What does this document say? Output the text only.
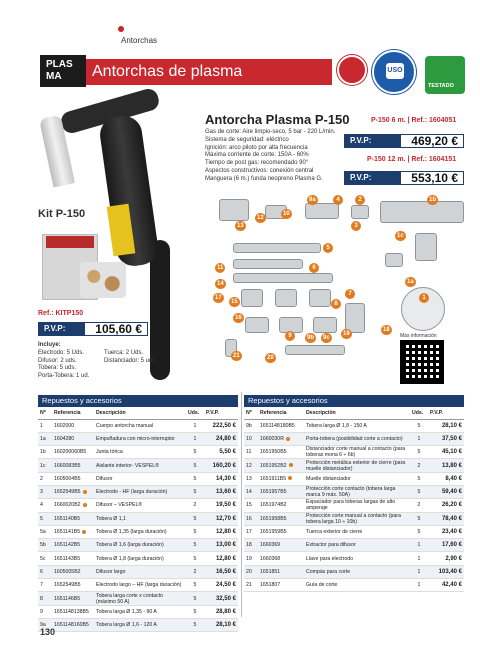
Antorchas
PLAS
MA	Antorchas de plasma	USO
TESTADO
Antorcha Plasma P-150
Gas de corte: Aire limpio-seco, 5 bar - 220 L/min.
Sistema de seguridad: eléctrico
Ignición: arco piloto por alta frecuencia
Máxima corriente de corte: 150A - 60%
Tiempo de post gas: recomendado 90°
Aspectos constructivos: conexión central
Manguera (6 m.) funda neopreno Plasma G.
P-150 6 m. | Ref.: 1604051
P.V.P:	469,20 €
P-150 12 m. | Ref.: 1604151
P.V.P:	553,10 €
Kit P-150
Ref.: KITP150
P.V.P:	105,60 €
Incluye:
Electrodo: 5 Uds.
Difusor: 2 uds.
Tobera: 5 uds.
Porta-Tobera: 1 ud.
Tuerca: 2 Uds.
Distanciador: 5 uds.
9a	4	2	1b
10
13
12
3
1c
5
11	6
14
7
15
1a
16
8
17	1
18
9	9b	9c
19
21	20
Más información
Repuestos y accesorios
Nº	Referencia	Descripción	Uds.	P.V.P.
1	1602000	Cuerpo antorcha manual	1	222,50 €
1a	1604280	Empuñadura con micro-interruptor	1	24,80 €
1b	160200060B5	Junta tórica	5	5,50 €
1c	1660083B5	Aislante interior- VESPEL®	5	160,20 €
2	1605004B5	Difusor	5	14,30 €
3	1652549B5	Electrodo - HF (larga duración)	5	13,60 €
4	1660020B2	Difusor – VESPEL®	2	19,50 €
5	1651140B5	Tobera Ø 1,1	5	12,70 €
5a	1651141B5	Tobera Ø 1,35 (larga duración)	5	12,80 €
5b	1651142B5	Tobera Ø 1,6 (larga duración)	5	13,00 €
5c	1651143B5	Tobera Ø 1,8 (larga duración)	5	12,80 €
6	1605005B2	Difusor largo	2	16,50 €
7	1652549B5	Electrodo largo – HF (larga duración)	5	24,50 €
8	1651146B5	Tobera larga corte x contacto (máximo 50 A)	5	32,50 €
9	1651148138B5	Tobera larga Ø 1,35 - 90 A	5	28,80 €
9a	1651148160B5	Tobera larga Ø 1,6 - 120 A	5	28,10 €
Repuestos y accesorios
Nº	Referencia	Descripción	Uds.	P.V.P.
9b	1651148180B5	Tobera larga Ø 1,8 - 150 A	5	28,10 €
10	1660030R	Porta-tobera (posibilidad corte a contacto)	1	37,50 €
11	1651950B5	Distanciador corte manual a contacto (para toberas mona 6 ÷ 6b)	5	45,10 €
12	1651952B2	Protección metálica exterior de cierre (para muelle distanciador)	2	13,80 €
13	1651911B5	Muelle distanciador	5	8,40 €
14	1651957B5	Protección corte contacto (tobera larga marca 9 máx. 50A)	5	59,40 €
15	1651974B2	Espaciador para toberas largas de alto amperaje	2	26,20 €
16	1651958B5	Protección corte manual a contacto (para tobera larga 10 ÷ 10b)	5	78,40 €
17	1651959B5	Tuerca exterior de cierre	5	23,40 €
18	1660369	Extractor para difusor	1	17,60 €
19	1660368	Llave para electrodo	1	2,90 €
20	1651851	Compás para corte	1	103,40 €
21	1651807	Guía de corte	1	42,40 €
130
